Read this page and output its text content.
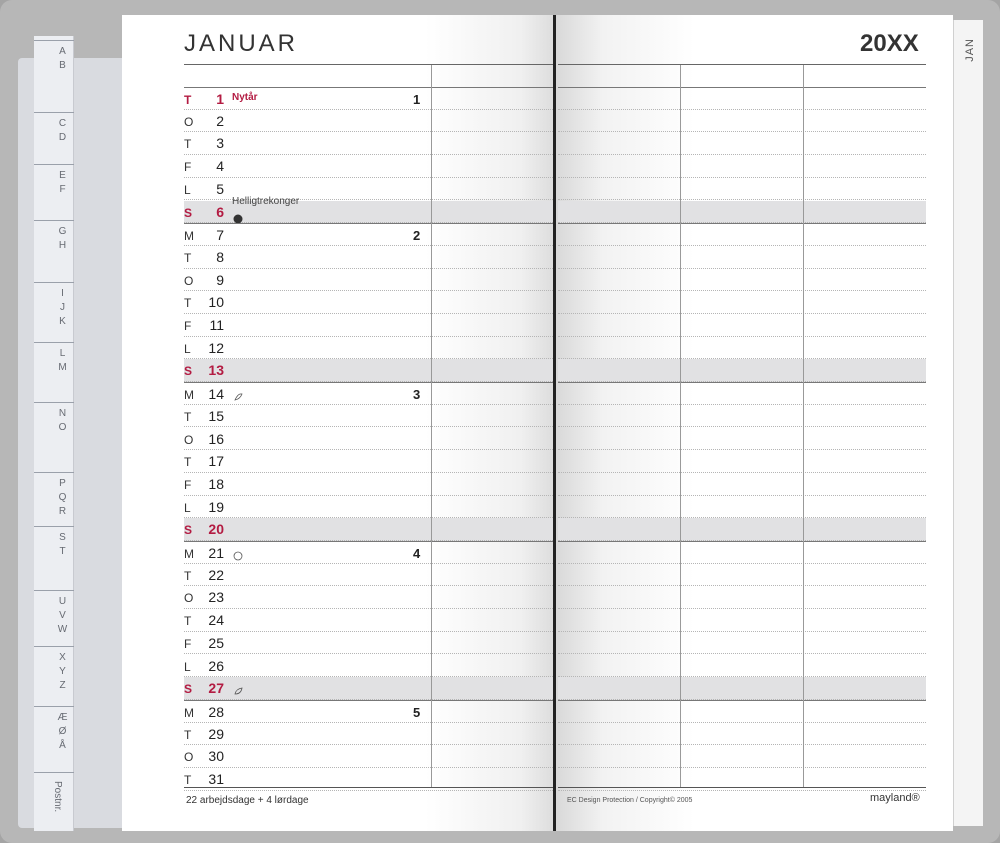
A
B
C
D
E
F
G
H
I
J
K
L
M
N
O
P
Q
R
S
T
U
V
W
X
Y
Z
Æ
Ø
Å
Postnr.
JAN
JANUAR	20XX
T	1 Nytår	1
O	2
T	3
F	4
L	5
S	6
Helligtrekonger
M	7	2
T	8
O	9
T	10
F	11
L	12
S	13
M	14	3
T	15
O	16
T	17
F	18
L	19
S	20
M	21	4
T	22
O	23
T	24
F	25
L	26
S	27
M	28	5
T	29
O	30
T	31
22 arbejdsdage + 4 lørdage	EC Design Protection / Copyright© 2005	mayland®
